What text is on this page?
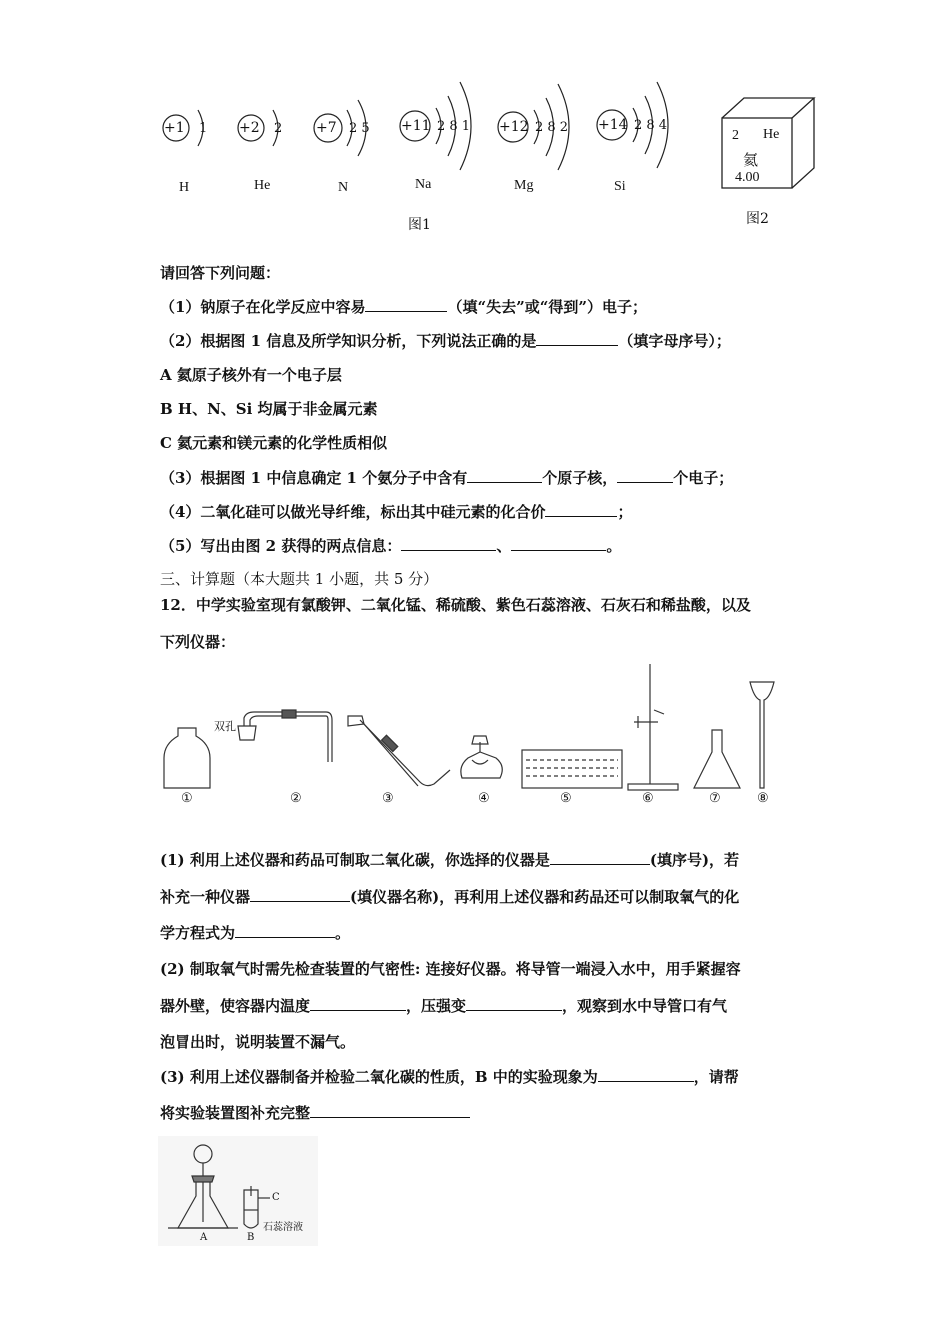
+1 1 +2 2 +7 2 5 +11 2 8 1 +12 2 8 2 +14 2 8 4
H	He	N	Na	Mg	Si
图1
2 He
氦
4.00
图2
请回答下列问题：
（1）钠原子在化学反应中容易	（填“失去”或“得到”）电子；
（2）根据图 1 信息及所学知识分析，下列说法正确的是	（填字母序号）；
A 氦原子核外有一个电子层
B H、N、Si 均属于非金属元素
C 氦元素和镁元素的化学性质相似
（3）根据图 1 中信息确定 1 个氨分子中含有	个原子核，	个电子；
（4）二氧化硅可以做光导纤维，标出其中硅元素的化合价	；
（5）写出由图 2 获得的两点信息：	、	。
三、计算题（本大题共 1 小题，共 5 分）
12．中学实验室现有氯酸钾、二氧化锰、稀硫酸、紫色石蕊溶液、石灰石和稀盐酸，以及
下列仪器：
双孔
①	②	③	④	⑤	⑥	⑦	⑧
(1) 利用上述仪器和药品可制取二氧化碳，你选择的仪器是	(填序号)，若
补充一种仪器	(填仪器名称)，再利用上述仪器和药品还可以制取氧气的化
学方程式为	。
(2) 制取氧气时需先检查装置的气密性: 连接好仪器。将导管一端浸入水中，用手紧握容
器外壁，使容器内温度	，压强变	，观察到水中导管口有气
泡冒出时，说明装置不漏气。
(3) 利用上述仪器制备并检验二氧化碳的性质，B 中的实验现象为	，请帮
将实验装置图补充完整
A	B
C
石蕊溶液
